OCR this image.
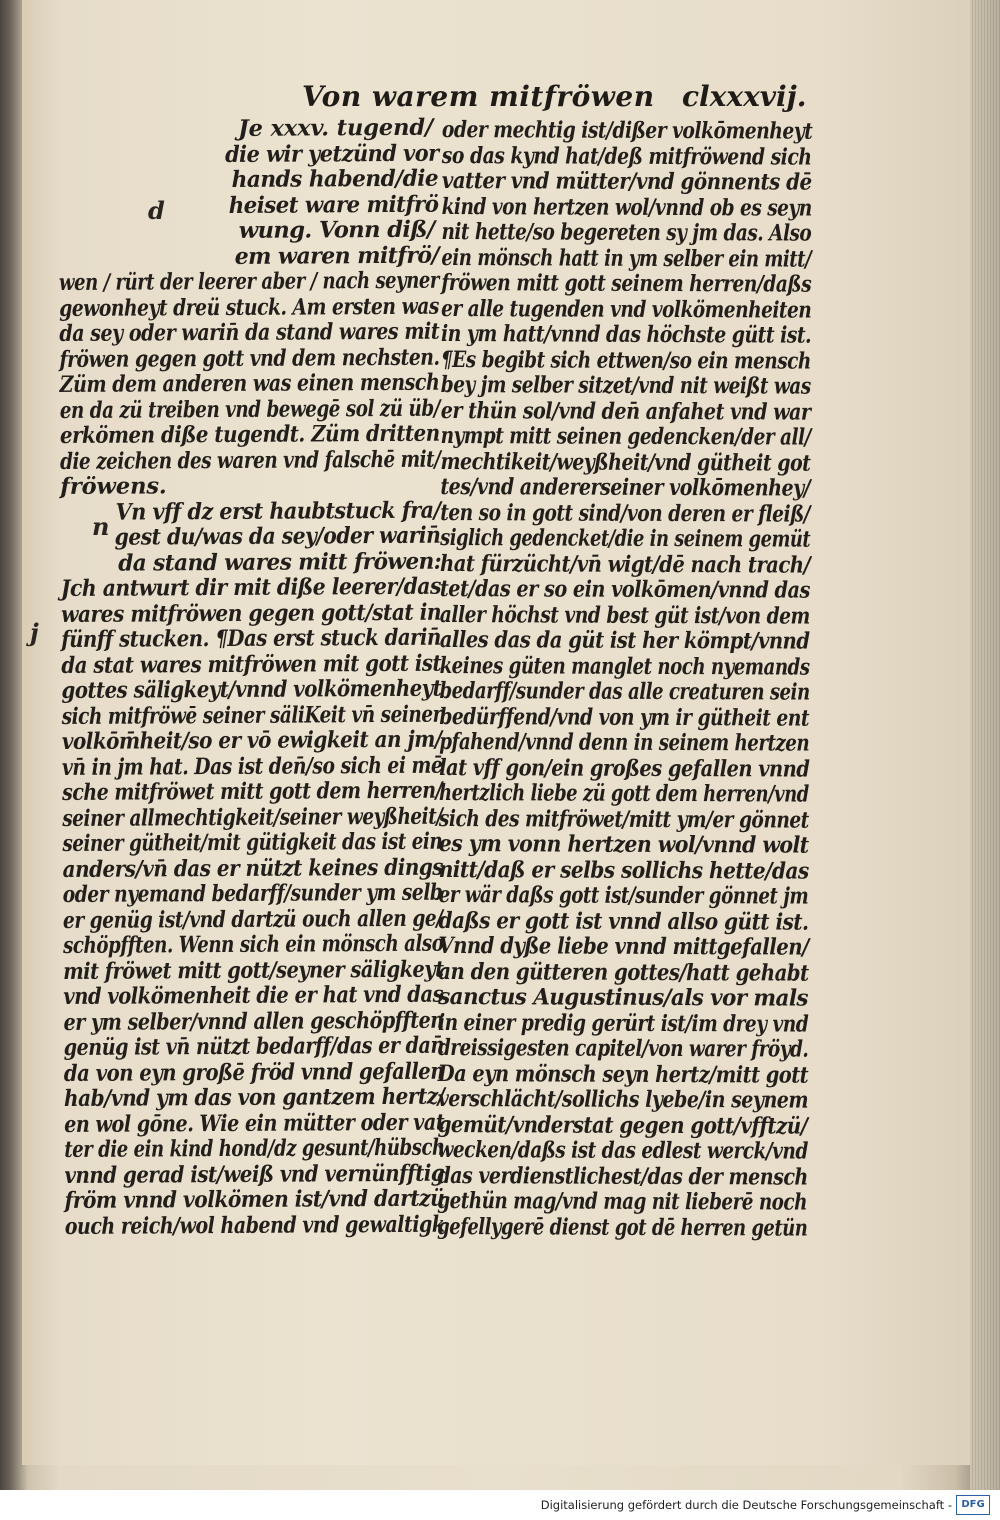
Von warem mitfröwen clxxxvij.
d
n
j
Je xxxv. tugend/
die wir yetzünd vor
hands habend/die
heiset ware mitfrö
wung. Vonn diß/
em waren mitfrö/
wen / rürt der leerer aber / nach seyner
gewonheyt dreü stuck. Am ersten was
da sey oder warin̄ da stand wares mit
fröwen gegen gott vnd dem nechsten.
Züm dem anderen was einen mensch
en da zü treiben vnd bewegē sol zü üb/
erkömen diße tugendt. Züm dritten
die zeichen des waren vnd falschē mit/
fröwens.
Vn vff dz erst haubtstuck fra/
gest du/was da sey/oder warin̄
da stand wares mitt fröwen:
Jch antwurt dir mit diße leerer/das
wares mitfröwen gegen gott/stat in
fünff stucken. ¶Das erst stuck darin̄
da stat wares mitfröwen mit gott ist
gottes säligkeyt/vnnd volkömenheyt
sich mitfröwē seiner säliKeit vn̄ seiner
volkōm̄heit/so er vō ewigkeit an jm/
vn̄ in jm hat. Das ist den̄/so sich ei mē
sche mitfröwet mitt gott dem herren/
seiner allmechtigkeit/seiner weyßheit/
seiner gütheit/mit gütigkeit das ist ein
anders/vn̄ das er nützt keines dings
oder nyemand bedarff/sunder ym selb
er genüg ist/vnd dartzü ouch allen ge/
schöpfften. Wenn sich ein mönsch also
mit fröwet mitt gott/seyner säligkeyt
vnd volkömenheit die er hat vnd das
er ym selber/vnnd allen geschöpfften
genüg ist vn̄ nützt bedarff/das er dan̄
da von eyn großē fröd vnnd gefallen
hab/vnd ym das von gantzem hertz/
en wol gōne. Wie ein mütter oder vat
ter die ein kind hond/dz gesunt/hübsch
vnnd gerad ist/weiß vnd vernünfftig
fröm vnnd volkömen ist/vnd dartzü
ouch reich/wol habend vnd gewaltigk
oder mechtig ist/dißer volkōmenheyt
so das kynd hat/deß mitfröwend sich
vatter vnd mütter/vnd gönnents dē
kind von hertzen wol/vnnd ob es seyn
nit hette/so begereten sy jm das. Also
ein mönsch hatt in ym selber ein mitt/
fröwen mitt gott seinem herren/daßs
er alle tugenden vnd volkömenheiten
in ym hatt/vnnd das höchste gütt ist.
¶Es begibt sich ettwen/so ein mensch
bey jm selber sitzet/vnd nit weißt was
er thün sol/vnd den̄ anfahet vnd war
nympt mitt seinen gedencken/der all/
mechtikeit/weyßheit/vnd gütheit got
tes/vnd andererseiner volkōmenhey/
ten so in gott sind/von deren er fleiß/
siglich gedencket/die in seinem gemüt
hat fürzücht/vn̄ wigt/dē nach trach/
tet/das er so ein volkōmen/vnnd das
aller höchst vnd best güt ist/von dem
alles das da güt ist her kömpt/vnnd
keines güten manglet noch nyemands
bedarff/sunder das alle creaturen sein
bedürffend/vnd von ym ir gütheit ent
pfahend/vnnd denn in seinem hertzen
lat vff gon/ein großes gefallen vnnd
hertzlich liebe zü gott dem herren/vnd
sich des mitfröwet/mitt ym/er gönnet
es ym vonn hertzen wol/vnnd wolt
nitt/daß er selbs sollichs hette/das
er wär daßs gott ist/sunder gönnet jm
daßs er gott ist vnnd allso gütt ist.
Vnnd dyße liebe vnnd mittgefallen/
an den gütteren gottes/hatt gehabt
sanctus Augustinus/als vor mals
in einer predig gerürt ist/im drey vnd
dreissigesten capitel/von warer fröyd.
Da eyn mönsch seyn hertz/mitt gott
verschlächt/sollichs lyebe/in seynem
gemüt/vnderstat gegen gott/vfftzü/
wecken/daßs ist das edlest werck/vnd
das verdienstlichest/das der mensch
gethün mag/vnd mag nit lieberē noch
gefellygerē dienst got dē herren getün
Digitalisierung gefördert durch die Deutsche Forschungsgemeinschaft - DFG
